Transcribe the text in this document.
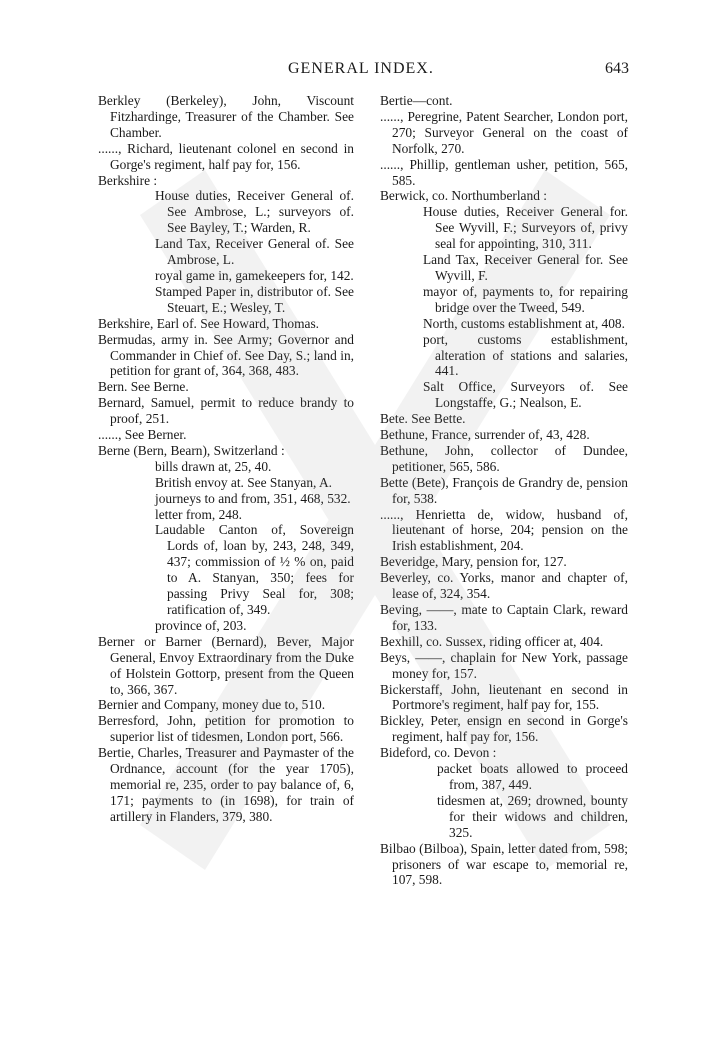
GENERAL INDEX.	643

Berkley (Berkeley), John, Viscount Fitzhardinge, Treasurer of the Chamber. See Chamber.

......, Richard, lieutenant colonel en second in Gorge's regiment, half pay for, 156.

Berkshire :

House duties, Receiver General of. See Ambrose, L.; surveyors of. See Bayley, T.; Warden, R.

Land Tax, Receiver General of. See Ambrose, L.

royal game in, gamekeepers for, 142.

Stamped Paper in, distributor of. See Steuart, E.; Wesley, T.

Berkshire, Earl of. See Howard, Thomas.

Bermudas, army in. See Army; Governor and Commander in Chief of. See Day, S.; land in, petition for grant of, 364, 368, 483.

Bern. See Berne.

Bernard, Samuel, permit to reduce brandy to proof, 251.

......, See Berner.

Berne (Bern, Bearn), Switzerland :

bills drawn at, 25, 40.

British envoy at. See Stanyan, A.

journeys to and from, 351, 468, 532.

letter from, 248.

Laudable Canton of, Sovereign Lords of, loan by, 243, 248, 349, 437; commission of ½ % on, paid to A. Stanyan, 350; fees for passing Privy Seal for, 308; ratification of, 349.

province of, 203.

Berner or Barner (Bernard), Bever, Major General, Envoy Extraordinary from the Duke of Holstein Gottorp, present from the Queen to, 366, 367.

Bernier and Company, money due to, 510.

Berresford, John, petition for promotion to superior list of tidesmen, London port, 566.

Bertie, Charles, Treasurer and Paymaster of the Ordnance, account (for the year 1705), memorial re, 235, order to pay balance of, 6, 171; payments to (in 1698), for train of artillery in Flanders, 379, 380.

Bertie—cont.

......, Peregrine, Patent Searcher, London port, 270; Surveyor General on the coast of Norfolk, 270.

......, Phillip, gentleman usher, petition, 565, 585.

Berwick, co. Northumberland :

House duties, Receiver General for. See Wyvill, F.; Surveyors of, privy seal for appointing, 310, 311.

Land Tax, Receiver General for. See Wyvill, F.

mayor of, payments to, for repairing bridge over the Tweed, 549.

North, customs establishment at, 408.

port, customs establishment, alteration of stations and salaries, 441.

Salt Office, Surveyors of. See Longstaffe, G.; Nealson, E.

Bete. See Bette.

Bethune, France, surrender of, 43, 428.

Bethune, John, collector of Dundee, petitioner, 565, 586.

Bette (Bete), François de Grandry de, pension for, 538.

......, Henrietta de, widow, husband of, lieutenant of horse, 204; pension on the Irish establishment, 204.

Beveridge, Mary, pension for, 127.

Beverley, co. Yorks, manor and chapter of, lease of, 324, 354.

Beving, ——, mate to Captain Clark, reward for, 133.

Bexhill, co. Sussex, riding officer at, 404.

Beys, ——, chaplain for New York, passage money for, 157.

Bickerstaff, John, lieutenant en second in Portmore's regiment, half pay for, 155.

Bickley, Peter, ensign en second in Gorge's regiment, half pay for, 156.

Bideford, co. Devon :

packet boats allowed to proceed from, 387, 449.

tidesmen at, 269; drowned, bounty for their widows and children, 325.

Bilbao (Bilboa), Spain, letter dated from, 598; prisoners of war escape to, memorial re, 107, 598.
